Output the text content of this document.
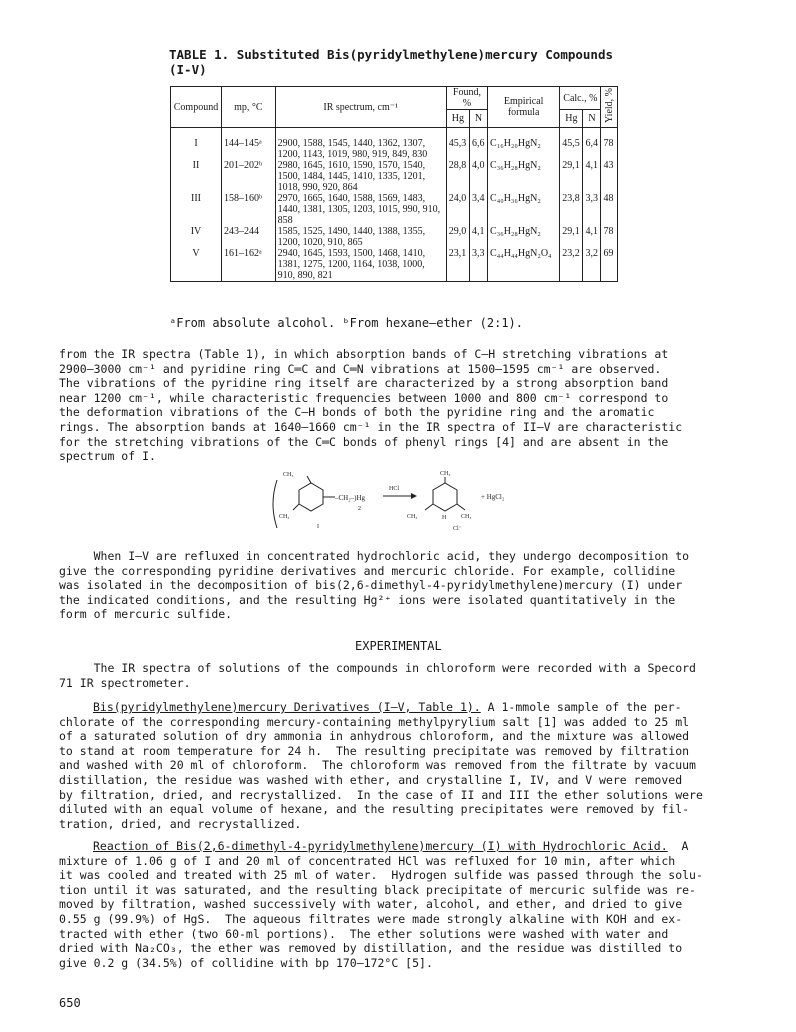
TABLE 1. Substituted Bis(pyridylmethylene)mercury Compounds (I-V)
Compound	mp, °C	IR spectrum, cm⁻¹	Found, %		Empirical formula	Calc., %		Yield, %
			Hg	N		Hg	N	
I	144–145ᵃ	2900, 1588, 1545, 1440, 1362, 1307, 1200, 1143, 1019, 980, 919, 849, 830	45,3	6,6	C₁₆H₂₀HgN₂	45,5	6,4	78
II	201–202ᵇ	2980, 1645, 1610, 1590, 1570, 1540, 1500, 1484, 1445, 1410, 1335, 1201, 1018, 990, 920, 864	28,8	4,0	C₃₆H₂₈HgN₂	29,1	4,1	43
III	158–160ᵇ	2970, 1665, 1640, 1588, 1569, 1483, 1440, 1381, 1305, 1203, 1015, 990, 910, 858	24,0	3,4	C₄₀H₃₆HgN₂	23,8	3,3	48
IV	243–244	1585, 1525, 1490, 1440, 1388, 1355, 1200, 1020, 910, 865	29,0	4,1	C₃₆H₂₈HgN₂	29,1	4,1	78
V	161–162ᵃ	2940, 1645, 1593, 1500, 1468, 1410, 1381, 1275, 1200, 1164, 1038, 1000, 910, 890, 821	23,1	3,3	C₄₄H₄₄HgN₂O₄	23,2	3,2	69
ᵃFrom absolute alcohol. ᵇFrom hexane—ether (2:1).

from the IR spectra (Table 1), in which absorption bands of C—H stretching vibrations at
2900–3000 cm⁻¹ and pyridine ring C═C and C═N vibrations at 1500–1595 cm⁻¹ are observed.
The vibrations of the pyridine ring itself are characterized by a strong absorption band
near 1200 cm⁻¹, while characteristic frequencies between 1000 and 800 cm⁻¹ correspond to
the deformation vibrations of the C—H bonds of both the pyridine ring and the aromatic
rings. The absorption bands at 1640–1660 cm⁻¹ in the IR spectra of II–V are characteristic
for the stretching vibrations of the C═C bonds of phenyl rings [4] and are absent in the
spectrum of I.

CH₃
CH₃
–CH₂–)Hg
2
I
HCl
CH₃
CH₃	CH₃
H
Cl⁻
+ HgCl₂

When I–V are refluxed in concentrated hydrochloric acid, they undergo decomposition to
give the corresponding pyridine derivatives and mercuric chloride. For example, collidine
was isolated in the decomposition of bis(2,6-dimethyl-4-pyridylmethylene)mercury (I) under
the indicated conditions, and the resulting Hg²⁺ ions were isolated quantitatively in the
form of mercuric sulfide.

EXPERIMENTAL

The IR spectra of solutions of the compounds in chloroform were recorded with a Specord
71 IR spectrometer.

Bis(pyridylmethylene)mercury Derivatives (I–V, Table 1). A 1-mmole sample of the per-
chlorate of the corresponding mercury-containing methylpyrylium salt [1] was added to 25 ml
of a saturated solution of dry ammonia in anhydrous chloroform, and the mixture was allowed
to stand at room temperature for 24 h.  The resulting precipitate was removed by filtration
and washed with 20 ml of chloroform.  The chloroform was removed from the filtrate by vacuum
distillation, the residue was washed with ether, and crystalline I, IV, and V were removed
by filtration, dried, and recrystallized.  In the case of II and III the ether solutions were
diluted with an equal volume of hexane, and the resulting precipitates were removed by fil-
tration, dried, and recrystallized.

Reaction of Bis(2,6-dimethyl-4-pyridylmethylene)mercury (I) with Hydrochloric Acid.  A
mixture of 1.06 g of I and 20 ml of concentrated HCl was refluxed for 10 min, after which
it was cooled and treated with 25 ml of water.  Hydrogen sulfide was passed through the solu-
tion until it was saturated, and the resulting black precipitate of mercuric sulfide was re-
moved by filtration, washed successively with water, alcohol, and ether, and dried to give
0.55 g (99.9%) of HgS.  The aqueous filtrates were made strongly alkaline with KOH and ex-
tracted with ether (two 60-ml portions).  The ether solutions were washed with water and
dried with Na₂CO₃, the ether was removed by distillation, and the residue was distilled to
give 0.2 g (34.5%) of collidine with bp 170–172°C [5].

650
